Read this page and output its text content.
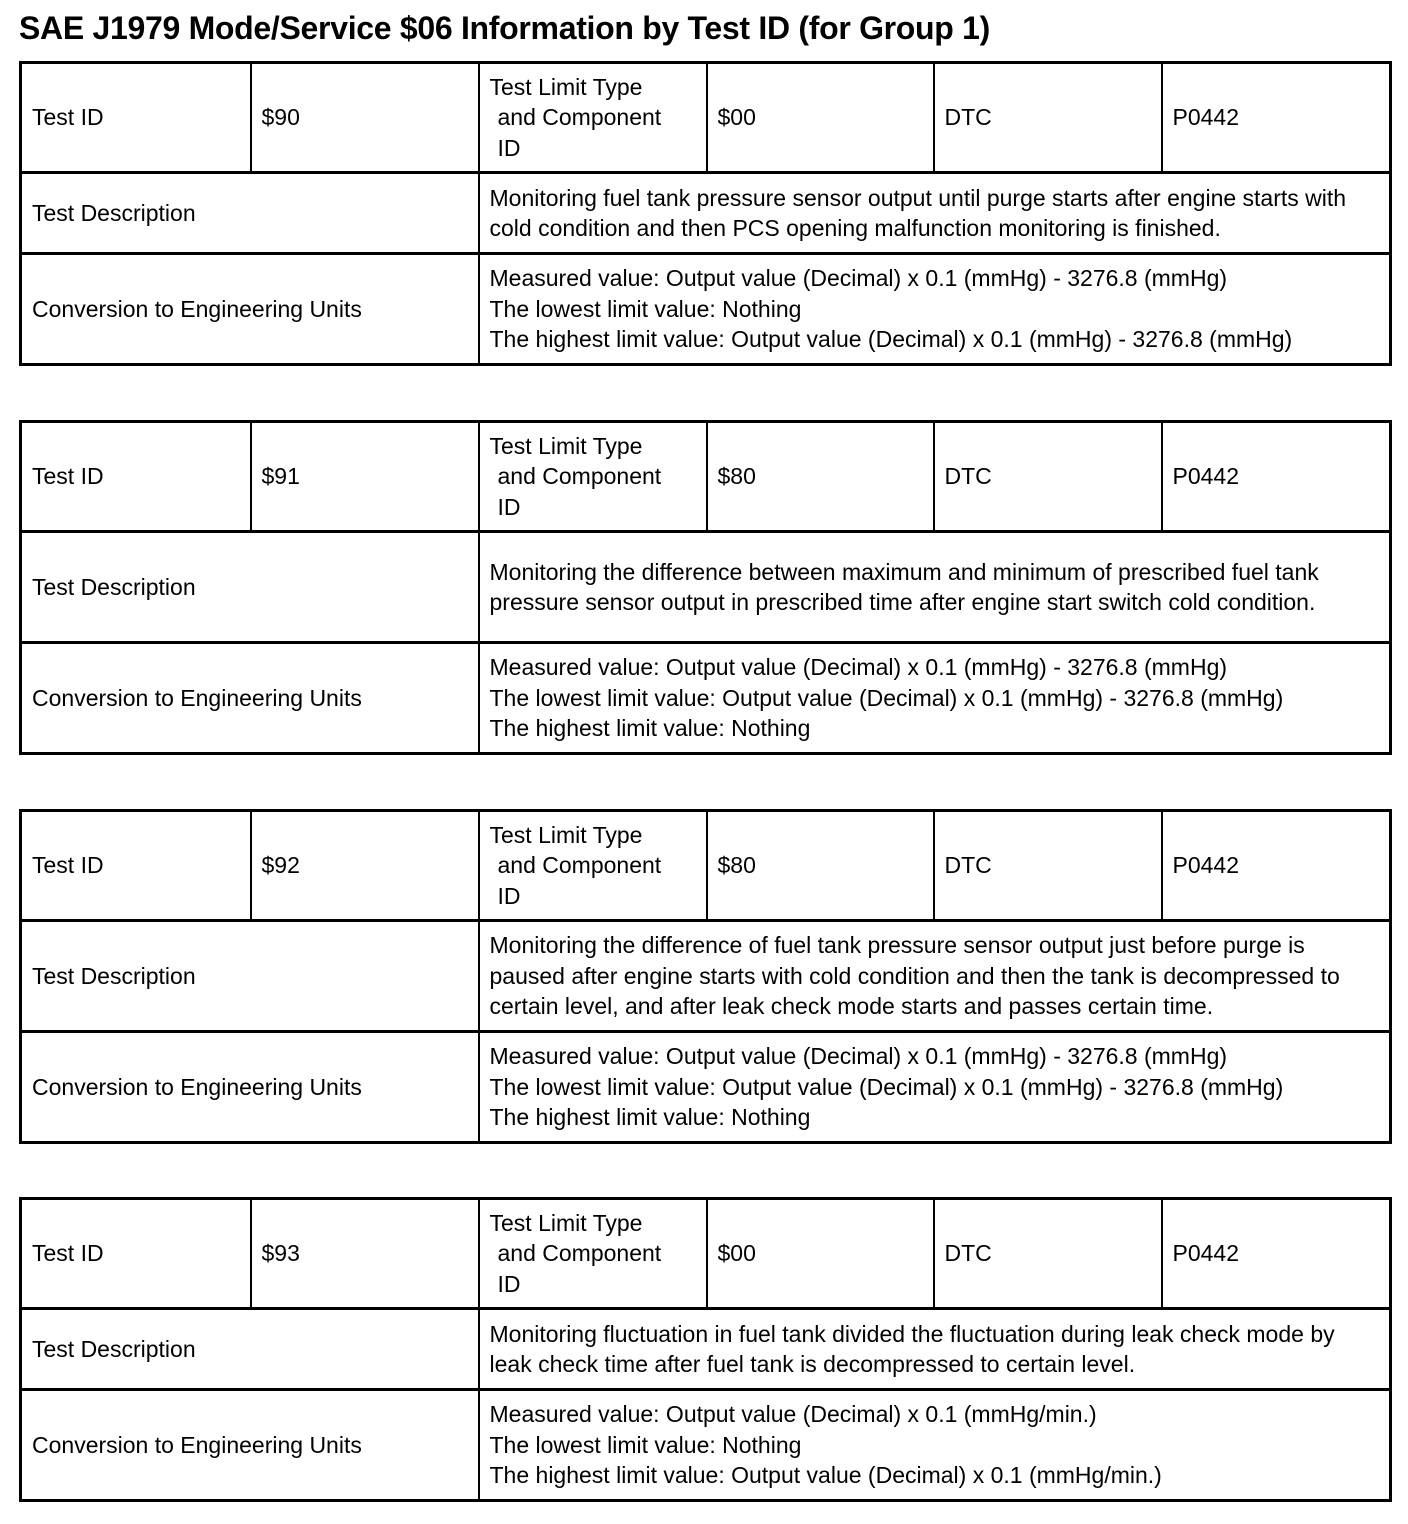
SAE J1979 Mode/Service $06 Information by Test ID (for Group 1)
Test ID	$90	Test Limit Type
and Component
ID	$00	DTC	P0442
Test Description		Monitoring fuel tank pressure sensor output until purge starts after engine starts with cold condition and then PCS opening malfunction monitoring is finished.			
Conversion to Engineering Units		Measured value: Output value (Decimal) x 0.1 (mmHg) - 3276.8 (mmHg)
The lowest limit value: Nothing
The highest limit value: Output value (Decimal) x 0.1 (mmHg) - 3276.8 (mmHg)			
Test ID	$91	Test Limit Type
and Component
ID	$80	DTC	P0442
Test Description		Monitoring the difference between maximum and minimum of prescribed fuel tank pressure sensor output in prescribed time after engine start switch cold condition.			
Conversion to Engineering Units		Measured value: Output value (Decimal) x 0.1 (mmHg) - 3276.8 (mmHg)
The lowest limit value: Output value (Decimal) x 0.1 (mmHg) - 3276.8 (mmHg)
The highest limit value: Nothing			
Test ID	$92	Test Limit Type
and Component
ID	$80	DTC	P0442
Test Description		Monitoring the difference of fuel tank pressure sensor output just before purge is paused after engine starts with cold condition and then the tank is decompressed to certain level, and after leak check mode starts and passes certain time.			
Conversion to Engineering Units		Measured value: Output value (Decimal) x 0.1 (mmHg) - 3276.8 (mmHg)
The lowest limit value: Output value (Decimal) x 0.1 (mmHg) - 3276.8 (mmHg)
The highest limit value: Nothing			
Test ID	$93	Test Limit Type
and Component
ID	$00	DTC	P0442
Test Description		Monitoring fluctuation in fuel tank divided the fluctuation during leak check mode by leak check time after fuel tank is decompressed to certain level.			
Conversion to Engineering Units		Measured value: Output value (Decimal) x 0.1 (mmHg/min.)
The lowest limit value: Nothing
The highest limit value: Output value (Decimal) x 0.1 (mmHg/min.)			
